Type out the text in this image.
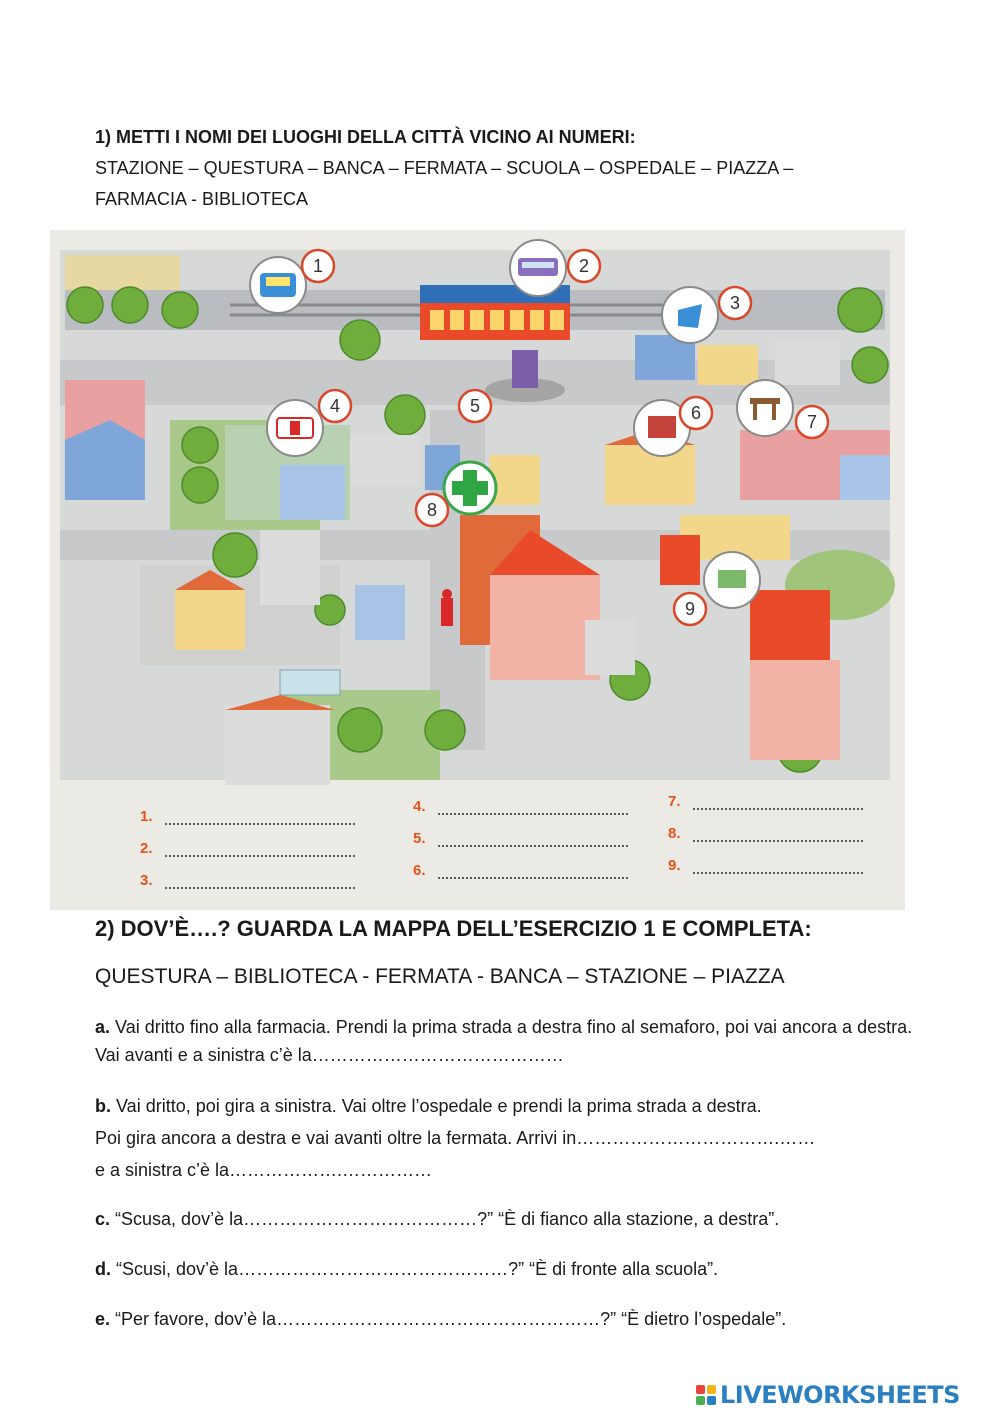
1) METTI I NOMI DEI LUOGHI DELLA CITTÀ VICINO AI NUMERI:
STAZIONE – QUESTURA – BANCA – FERMATA – SCUOLA – OSPEDALE – PIAZZA –
FARMACIA - BIBLIOTECA
1	2
3
4	5	6	7
8
9
1.
2.
3.
4.
5.
6.
7.
8.
9.
2) DOV’È….? GUARDA LA MAPPA DELL’ESERCIZIO 1 E COMPLETA:
QUESTURA – BIBLIOTECA - FERMATA - BANCA – STAZIONE – PIAZZA
a. Vai dritto fino alla farmacia. Prendi la prima strada a destra fino al semaforo, poi vai ancora a destra. Vai avanti e a sinistra c’è la……………………………………
b. Vai dritto, poi gira a sinistra. Vai oltre l’ospedale e prendi la prima strada a destra.
Poi gira ancora a destra e vai avanti oltre la fermata. Arrivi in…………………………….……
e a sinistra c’è la……………….……………
c. “Scusa, dov’è la…………………………………?” “È di fianco alla stazione, a destra”.
d. “Scusi, dov’è la………………………………………?” “È di fronte alla scuola”.
e. “Per favore, dov’è la………………………………………………?” “È dietro l’ospedale”.
LIVEWORKSHEETS
